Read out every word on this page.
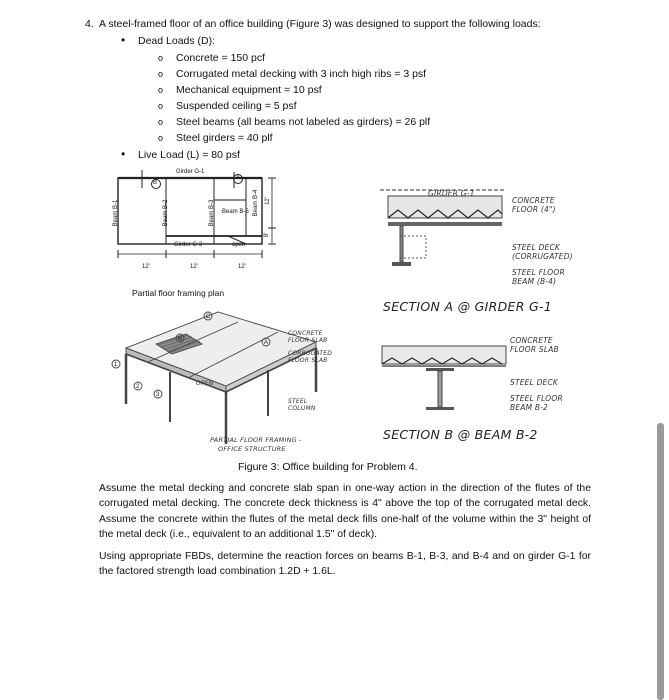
4. A steel-framed floor of an office building (Figure 3) was designed to support the following loads:
• Dead Loads (D):
o Concrete = 150 pcf
o Corrugated metal decking with 3 inch high ribs = 3 psf
o Mechanical equipment = 10 psf
o Suspended ceiling = 5 psf
o Steel beams (all beams not labeled as girders) = 26 plf
o Steel girders = 40 plf
• Live Load (L) = 80 psf
Girder G-1
Girder G-2	open
Beam B-5
Beam B-1	Beam B-2	Beam B-3	Beam B-4
B
A
12'	12'	12'
12'
8'
Partial floor framing plan
GIRDER G-1
CONCRETE FLOOR (4")
STEEL DECK (CORRUGATED)
STEEL FLOOR BEAM (B-4)
SECTION A @ GIRDER G-1
CONCRETE FLOOR SLAB
CORRUGATED FLOOR SLAB
STEEL COLUMN
OPEN
PARTIAL FLOOR FRAMING -
OFFICE STRUCTURE
1
2
3
A
B
C
CONCRETE FLOOR SLAB
STEEL DECK
STEEL FLOOR BEAM B-2
SECTION B @ BEAM B-2
Figure 3: Office building for Problem 4.
Assume the metal decking and concrete slab span in one-way action in the direction of the flutes of the corrugated metal decking. The concrete deck thickness is 4" above the top of the corrugated metal deck. Assume the concrete within the flutes of the metal deck fills one-half of the volume within the 3" height of the metal deck (i.e., equivalent to an additional 1.5" of deck).
Using appropriate FBDs, determine the reaction forces on beams B-1, B-3, and B-4 and on girder G-1 for the factored strength load combination 1.2D + 1.6L.
